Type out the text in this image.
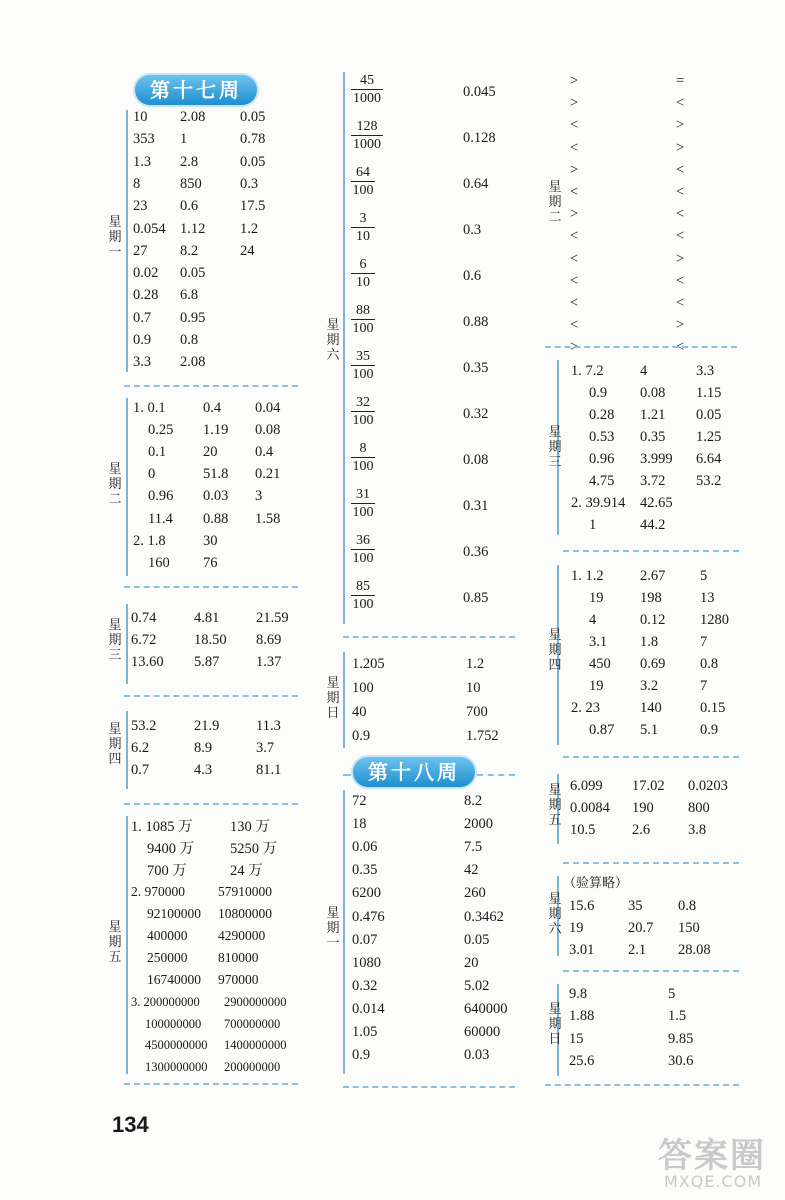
第十七周
星期一
10 2.08 0.05
353 1	0.78
1.3 2.8	0.05
8	850	0.3
23 0.6	17.5
0.054 1.12 1.2
27 8.2	24
0.02 0.05
0.28 6.8
0.7 0.95
0.9 0.8
3.3 2.08
星期二
1. 0.1	0.4 0.04
0.25 1.19 0.08
0.1	20	0.4
0	51.8 0.21
0.96 0.03 3
11.4 0.88 1.58
2. 1.8	30
160 76
星期三
0.74	4.81	21.59
6.72	18.50 8.69
13.60 5.87	1.37
星期四
53.2	21.9	11.3
6.2	8.9	3.7
0.7	4.3	81.1
星期五
1. 1085 万	130 万
9400 万 5250 万
700 万	24 万
2. 970000 57910000
92100000 10800000
400000 4290000
250000 810000
16740000 970000
3. 200000000 2900000000
100000000 700000000
4500000000 1400000000
1300000000 200000000
星期六
$\frac{45}{1000}$	0.045
$\frac{128}{1000}$	0.128
$\frac{64}{100}$	0.64
$\frac{3}{10}$	0.3
$\frac{6}{10}$	0.6
$\frac{88}{100}$	0.88
$\frac{35}{100}$	0.35
$\frac{32}{100}$	0.32
$\frac{8}{100}$	0.08
$\frac{31}{100}$	0.31
$\frac{36}{100}$	0.36
$\frac{85}{100}$	0.85
星期日
1.205	1.2
100	10
40	700
0.9	1.752
第十八周
星期一
72	8.2
18	2000
0.06	7.5
0.35	42
6200	260
0.476	0.3462
0.07	0.05
1080	20
0.32	5.02
0.014	640000
1.05	60000
0.9	0.03
星期二
>	=
>	<
<	>
<	>
>	<
<	<
>	<
<	<
<	>
<	<
<	<
<	>
>	<
星期三
1. 7.2	4	3.3
0.9 0.08 1.15
0.28 1.21 0.05
0.53 0.35 1.25
0.96 3.999 6.64
4.75 3.72 53.2
2. 39.914 42.65
1	44.2
星期四
1. 1.2	2.67 5
19	198	13
4	0.12 1280
3.1 1.8	7
450 0.69 0.8
19	3.2	7
2. 23	140	0.15
0.87 5.1	0.9
星期五
6.099 17.02 0.0203
0.0084 190 800
10.5	2.6	3.8
星期六
（验算略）
15.6 35 0.8
19	20.7 150
3.01 2.1 28.08
星期日
9.8	5
1.88	1.5
15	9.85
25.6	30.6
134
答案圈
MXQE.COM
